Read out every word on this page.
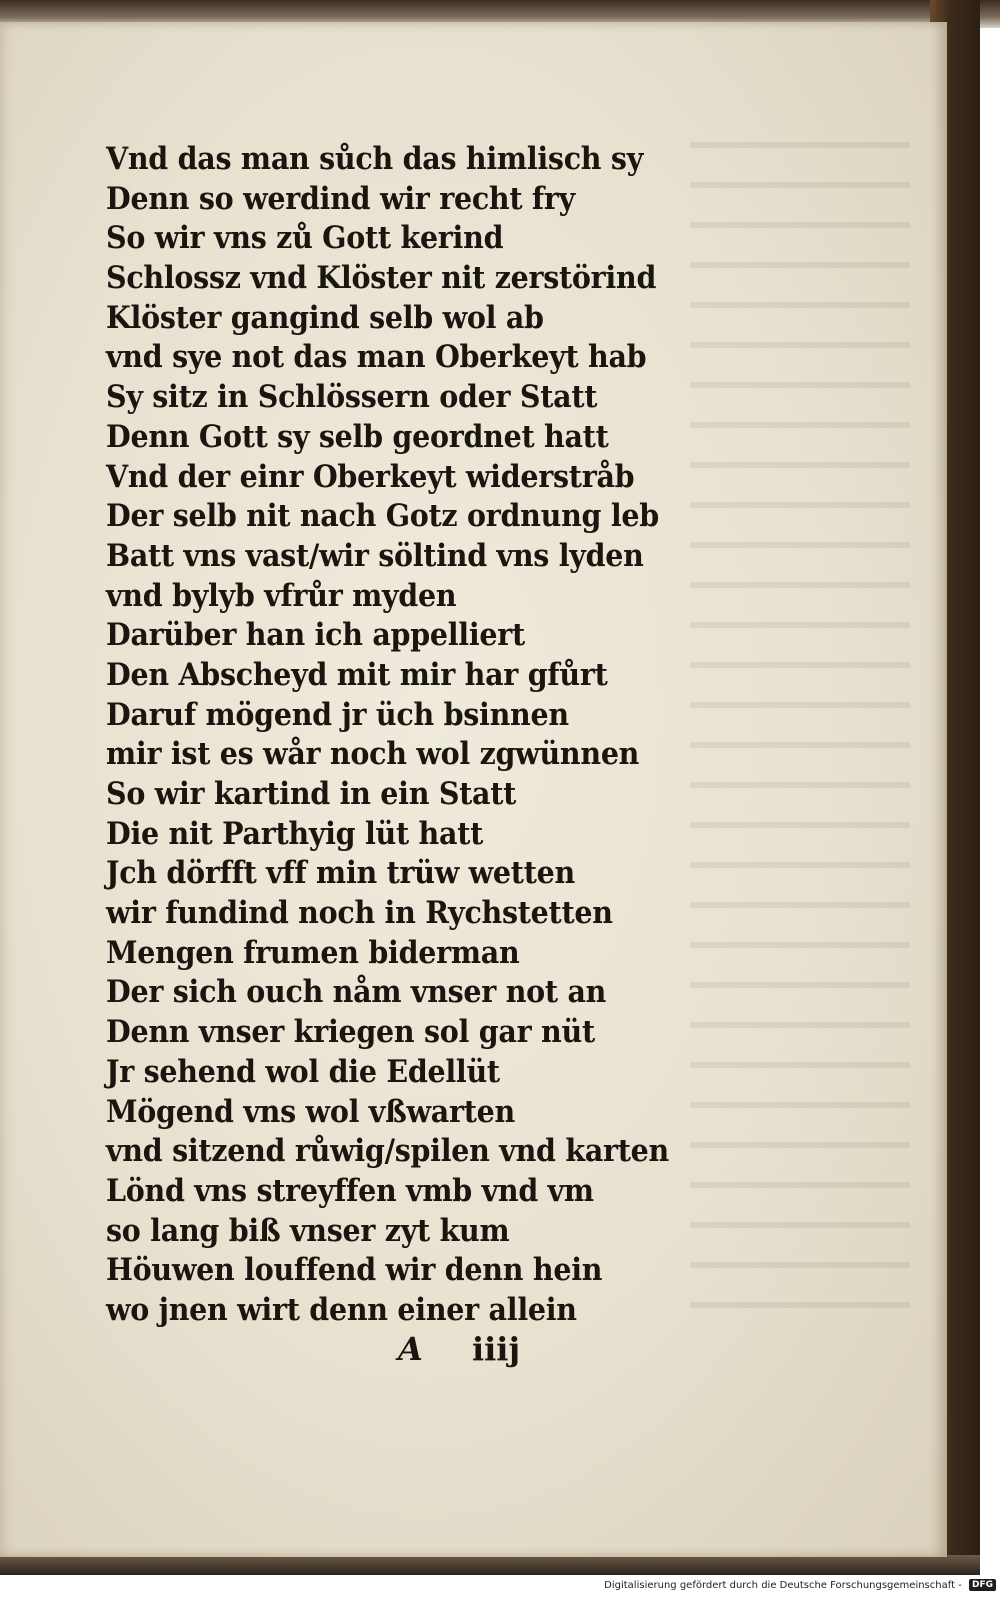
Vnd das man sůch das himlisch sy
Denn so werdind wir recht fry
So wir vns zů Gott kerind
Schlossz vnd Klöster nit zerstörind
Klöster gangind selb wol ab
vnd sye not das man Oberkeyt hab
Sy sitz in Schlössern oder Statt
Denn Gott sy selb geordnet hatt
Vnd der einr Oberkeyt widerstråb
Der selb nit nach Gotz ordnung leb
Batt vns vast/wir söltind vns lyden
vnd bylyb vfrůr myden
Darüber han ich appelliert
Den Abscheyd mit mir har gfůrt
Daruf mögend jr üch bsinnen
mir ist es wår noch wol zgwünnen
So wir kartind in ein Statt
Die nit Parthyig lüt hatt
Jch dörfft vff min trüw wetten
wir fundind noch in Rychstetten
Mengen frumen biderman
Der sich ouch nåm vnser not an
Denn vnser kriegen sol gar nüt
Jr sehend wol die Edellüt
Mögend vns wol vßwarten
vnd sitzend růwig/spilen vnd karten
Lönd vns streyffen vmb vnd vm
so lang biß vnser zyt kum
Höuwen louffend wir denn hein
wo jnen wirt denn einer allein
A iiij
Digitalisierung gefördert durch die Deutsche Forschungsgemeinschaft - DFG
